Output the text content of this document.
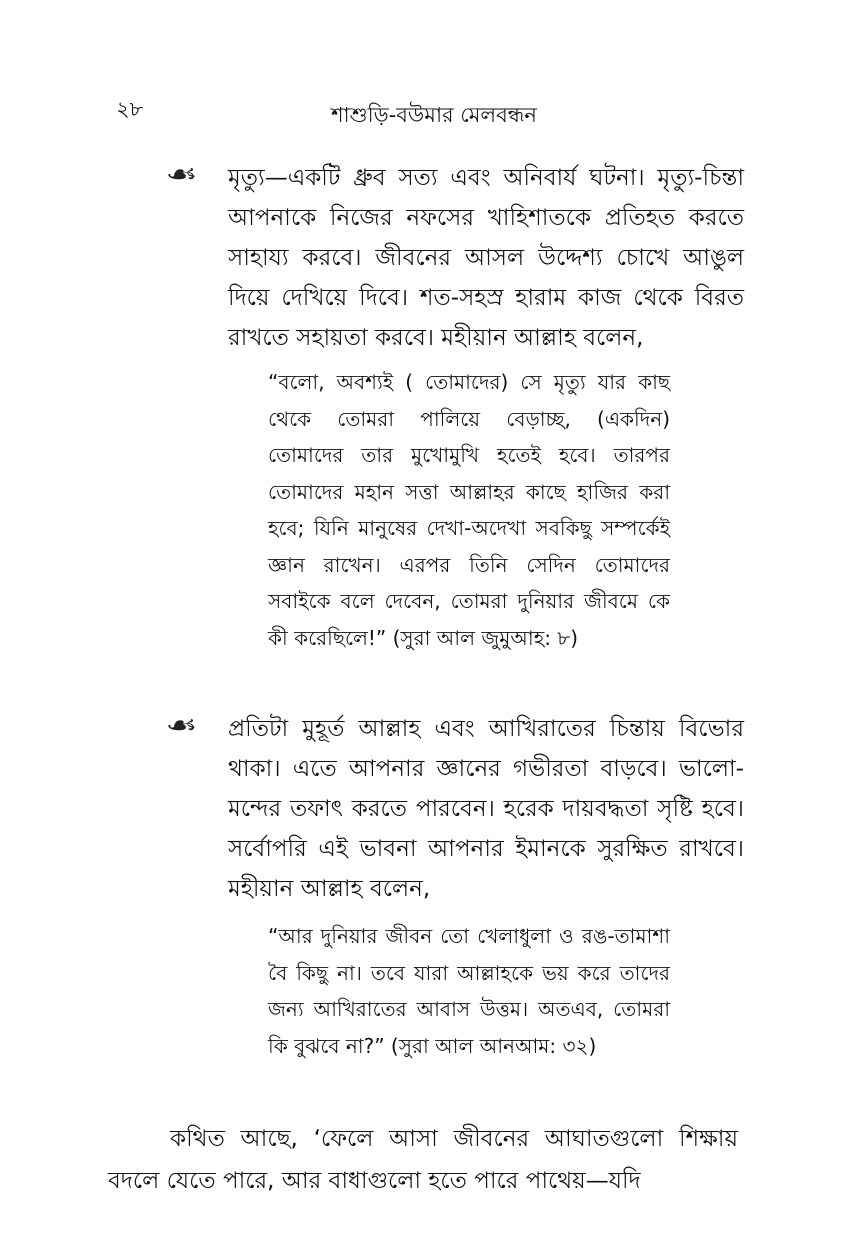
২৮	শাশুড়ি-বউমার মেলবন্ধন
☙ মৃত্যু—একটি ধ্রুব সত্য এবং অনিবার্য ঘটনা। মৃত্যু-চিন্তা আপনাকে নিজের নফসের খাহিশাতকে প্রতিহত করতে সাহায্য করবে। জীবনের আসল উদ্দেশ্য চোখে আঙুল দিয়ে দেখিয়ে দিবে। শত-সহস্র হারাম কাজ থেকে বিরত রাখতে সহায়তা করবে। মহীয়ান আল্লাহ বলেন,

“বলো, অবশ্যই ( তোমাদের) সে মৃত্যু যার কাছ থেকে তোমরা পালিয়ে বেড়াচ্ছ, (একদিন) তোমাদের তার মুখোমুখি হতেই হবে। তারপর তোমাদের মহান সত্তা আল্লাহর কাছে হাজির করা হবে; যিনি মানুষের দেখা-অদেখা সবকিছু সম্পর্কেই জ্ঞান রাখেন। এরপর তিনি সেদিন তোমাদের সবাইকে বলে দেবেন, তোমরা দুনিয়ার জীবমে কে কী করেছিলে!” (সুরা আল জুমুআহ: ৮)

☙ প্রতিটা মুহূর্ত আল্লাহ এবং আখিরাতের চিন্তায় বিভোর থাকা। এতে আপনার জ্ঞানের গভীরতা বাড়বে। ভালো-মন্দের তফাৎ করতে পারবেন। হরেক দায়বদ্ধতা সৃষ্টি হবে। সর্বোপরি এই ভাবনা আপনার ইমানকে সুরক্ষিত রাখবে। মহীয়ান আল্লাহ বলেন,

“আর দুনিয়ার জীবন তো খেলাধুলা ও রঙ-তামাশা বৈ কিছু না। তবে যারা আল্লাহকে ভয় করে তাদের জন্য আখিরাতের আবাস উত্তম। অতএব, তোমরা কি বুঝবে না?” (সুরা আল আনআম: ৩২)

কথিত আছে, ‘ফেলে আসা জীবনের আঘাতগুলো শিক্ষায় বদলে যেতে পারে, আর বাধাগুলো হতে পারে পাথেয়—যদি
